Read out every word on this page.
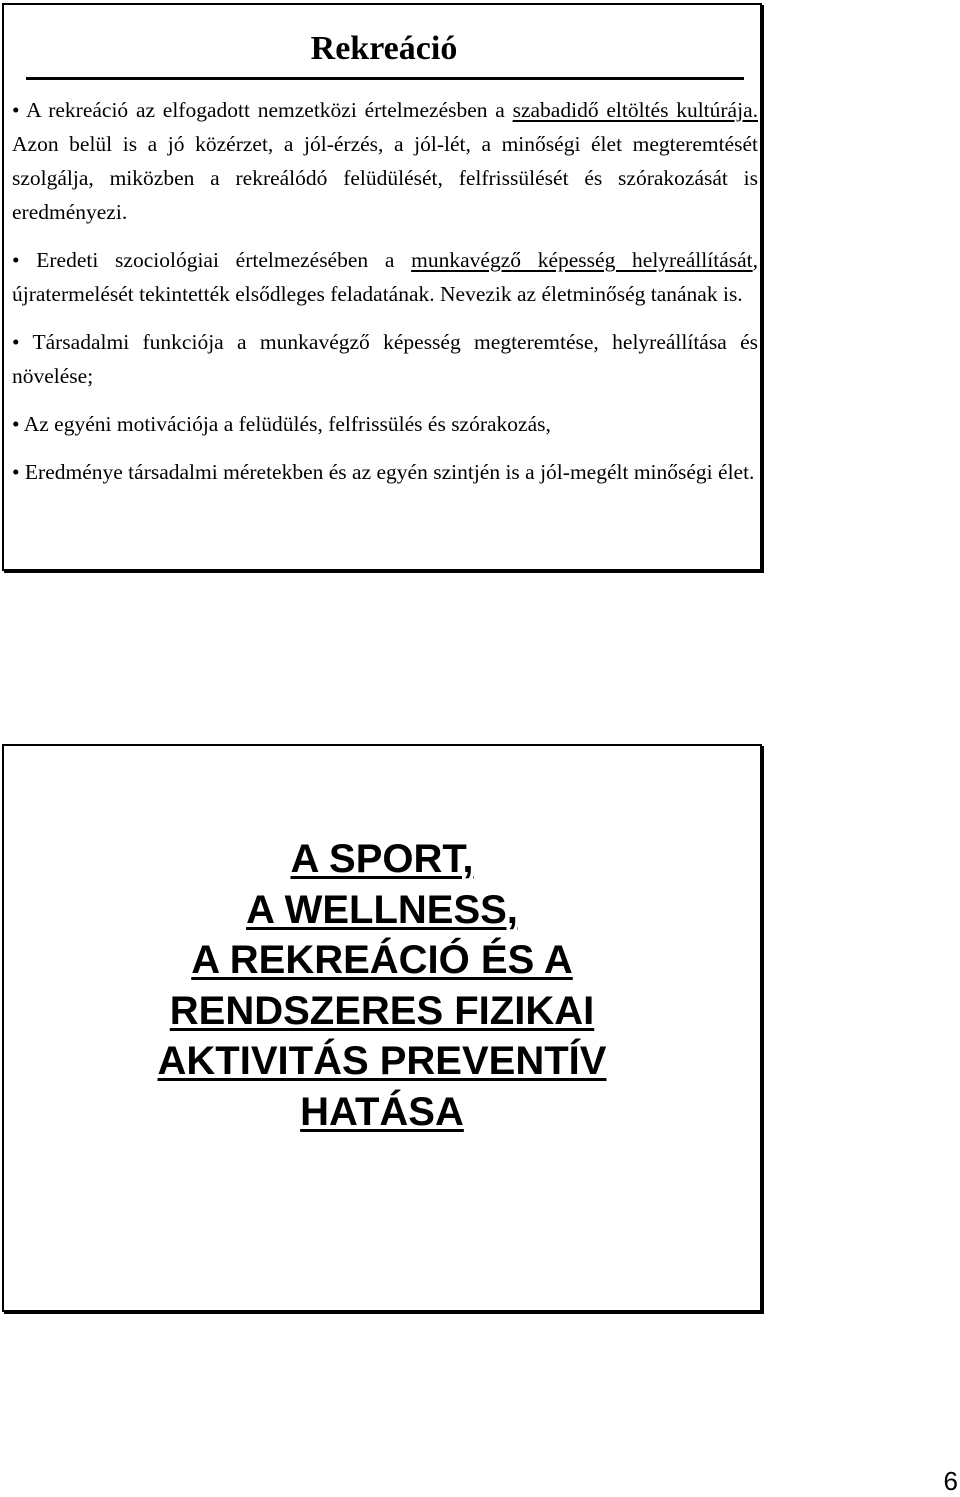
Rekreáció

• A rekreáció az elfogadott nemzetközi értelmezésben a szabadidő eltöltés kultúrája. Azon belül is a jó közérzet, a jól-érzés, a jól-lét, a minőségi élet megteremtését szolgálja, miközben a rekreálódó felüdülését, felfrissülését és szórakozását is eredményezi.

• Eredeti szociológiai értelmezésében a munkavégző képesség helyreállítását, újratermelését tekintették elsődleges feladatának. Nevezik az életminőség tanának is.

• Társadalmi funkciója a munkavégző képesség megteremtése, helyreállítása és növelése;

• Az egyéni motivációja a felüdülés, felfrissülés és szórakozás,

• Eredménye társadalmi méretekben és az egyén szintjén is a jól-megélt minőségi élet.

A SPORT,
A WELLNESS,
A REKREÁCIÓ ÉS A
RENDSZERES FIZIKAI
AKTIVITÁS PREVENTÍV
HATÁSA
6
